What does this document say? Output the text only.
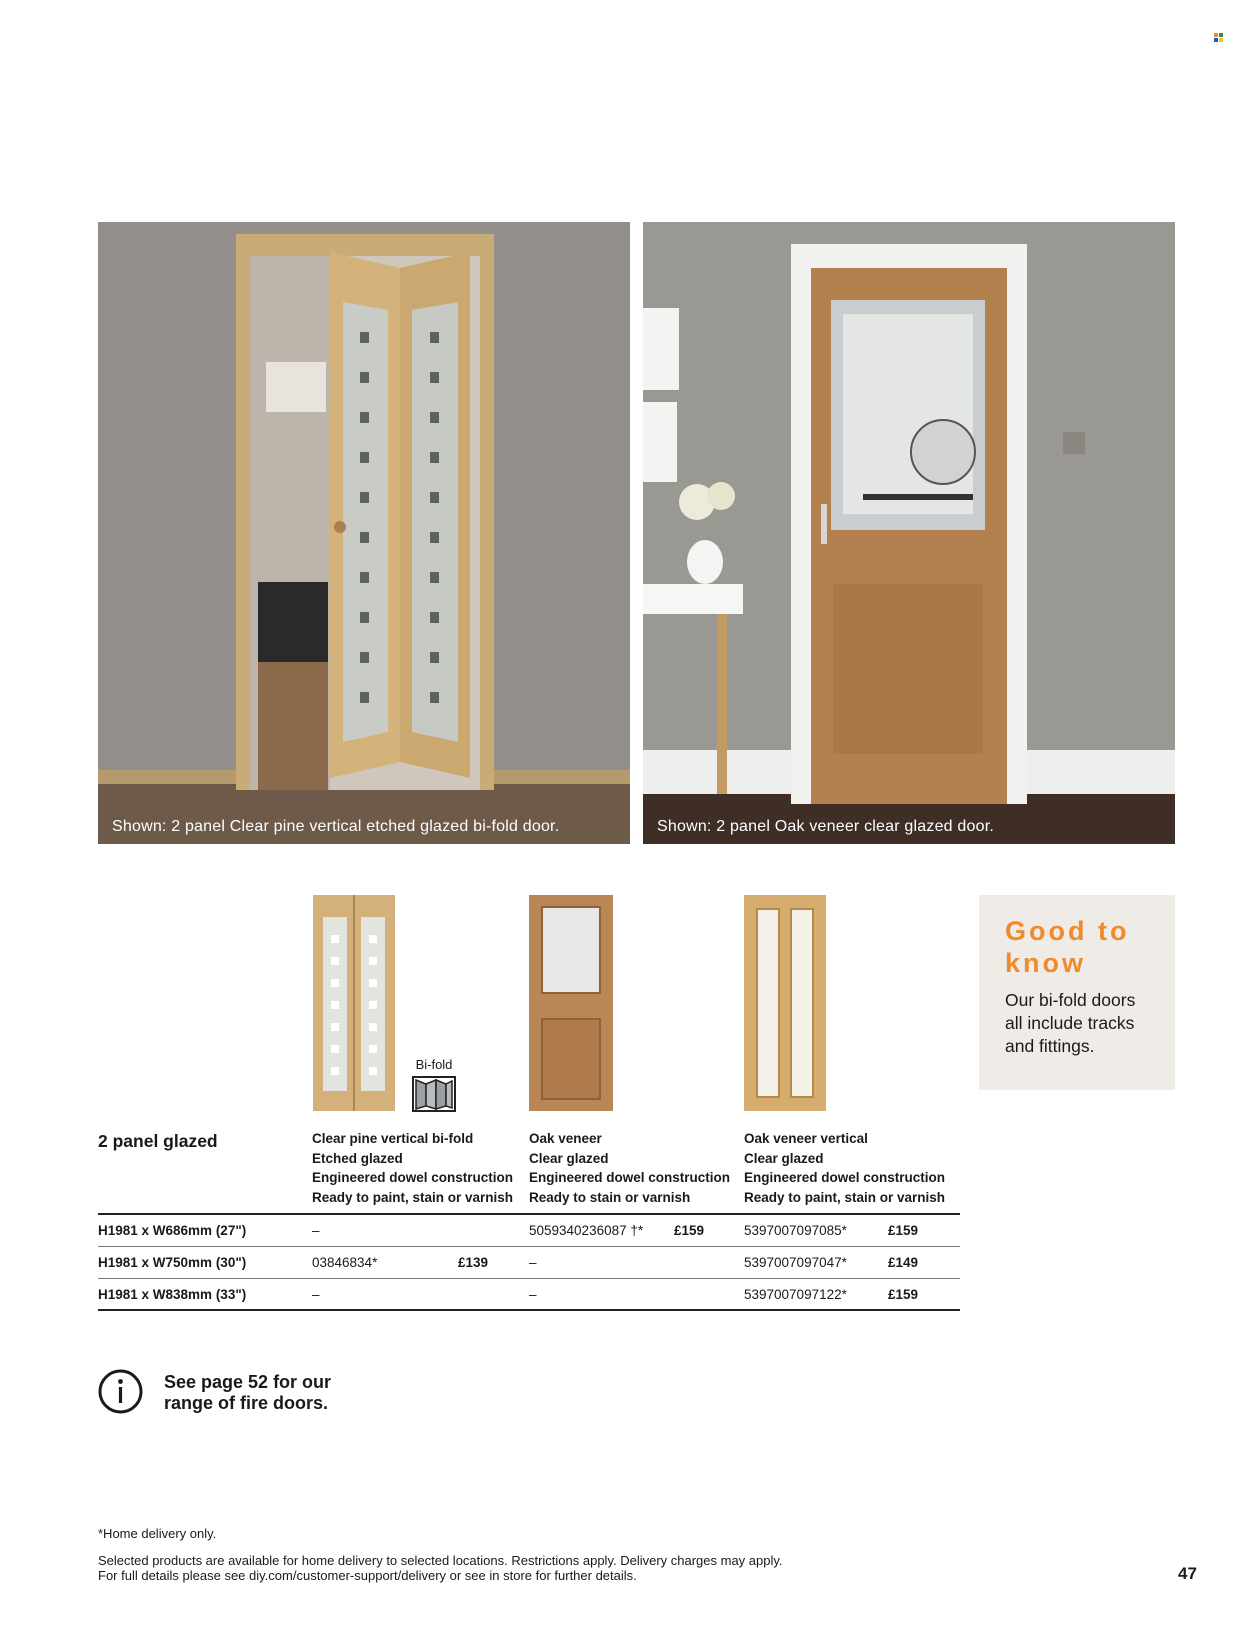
Shown: 2 panel Clear pine vertical etched glazed bi-fold door.	Shown: 2 panel Oak veneer clear glazed door.
Bi-fold
Good to
know
Our bi-fold doors
all include tracks
and fittings.
2 panel glazed	Clear pine vertical bi-fold
Etched glazed
Engineered dowel construction
Ready to paint, stain or varnish
Oak veneer
Clear glazed
Engineered dowel construction
Ready to stain or varnish
Oak veneer vertical
Clear glazed
Engineered dowel construction
Ready to paint, stain or varnish
H1981 x W686mm (27")	–	5059340236087 †* £159	5397007097085*	£159
H1981 x W750mm (30")	03846834*	£139	–	5397007097047*	£149
H1981 x W838mm (33")	–	–	5397007097122*	£159
See page 52 for our
range of fire doors.
*Home delivery only.
Selected products are available for home delivery to selected locations. Restrictions apply. Delivery charges may apply.
For full details please see diy.com/customer-support/delivery or see in store for further details.	47
